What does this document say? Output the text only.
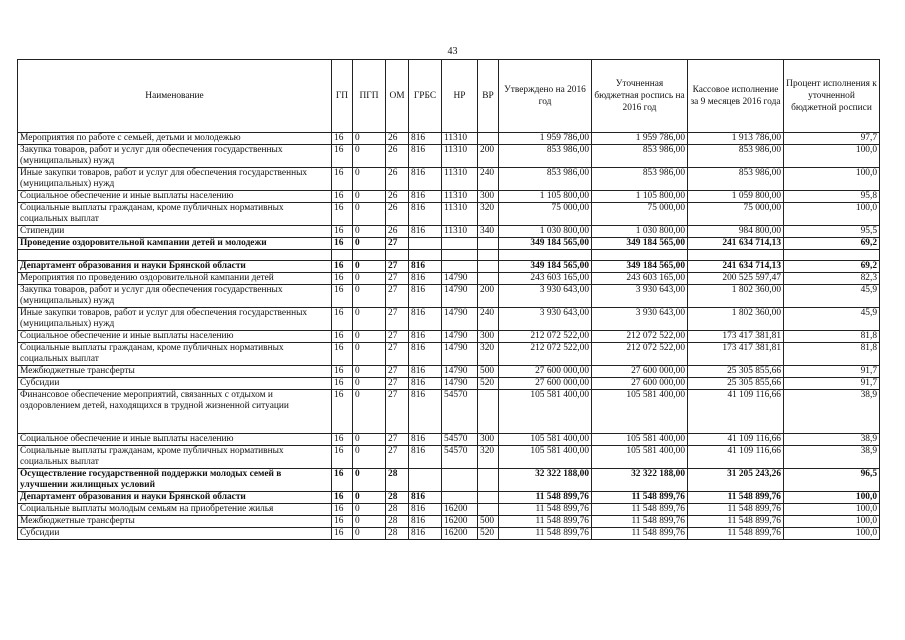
43
Наименование	ГП	ПГП	ОМ	ГРБС	НР	ВР	Утверждено на 2016 год	Уточненная бюджетная роспись на 2016 год	Кассовое исполнение за 9 месяцев 2016 года	Процент исполнения к уточненной бюджетной росписи
Мероприятия по работе с семьей, детьми и молодежью	16	0	26	816	11310		1 959 786,00	1 959 786,00	1 913 786,00	97,7
Закупка товаров, работ и услуг для обеспечения государственных (муниципальных) нужд	16	0	26	816	11310	200	853 986,00	853 986,00	853 986,00	100,0
Иные закупки товаров, работ и услуг для обеспечения государственных (муниципальных) нужд	16	0	26	816	11310	240	853 986,00	853 986,00	853 986,00	100,0
Социальное обеспечение и иные выплаты населению	16	0	26	816	11310	300	1 105 800,00	1 105 800,00	1 059 800,00	95,8
Социальные выплаты гражданам, кроме публичных нормативных социальных выплат	16	0	26	816	11310	320	75 000,00	75 000,00	75 000,00	100,0
Стипендии	16	0	26	816	11310	340	1 030 800,00	1 030 800,00	984 800,00	95,5
Проведение оздоровительной кампании детей и молодежи	16	0	27				349 184 565,00	349 184 565,00	241 634 714,13	69,2

Департамент образования и науки Брянской области	16	0	27	816			349 184 565,00	349 184 565,00	241 634 714,13	69,2
Мероприятия по проведению оздоровительной кампании детей	16	0	27	816	14790		243 603 165,00	243 603 165,00	200 525 597,47	82,3
Закупка товаров, работ и услуг для обеспечения государственных (муниципальных) нужд	16	0	27	816	14790	200	3 930 643,00	3 930 643,00	1 802 360,00	45,9
Иные закупки товаров, работ и услуг для обеспечения государственных (муниципальных) нужд	16	0	27	816	14790	240	3 930 643,00	3 930 643,00	1 802 360,00	45,9
Социальное обеспечение и иные выплаты населению	16	0	27	816	14790	300	212 072 522,00	212 072 522,00	173 417 381,81	81,8
Социальные выплаты гражданам, кроме публичных нормативных социальных выплат	16	0	27	816	14790	320	212 072 522,00	212 072 522,00	173 417 381,81	81,8
Межбюджетные трансферты	16	0	27	816	14790	500	27 600 000,00	27 600 000,00	25 305 855,66	91,7
Субсидии	16	0	27	816	14790	520	27 600 000,00	27 600 000,00	25 305 855,66	91,7
Финансовое обеспечение мероприятий, связанных с отдыхом и оздоровлением детей, находящихся в трудной жизненной ситуации	16	0	27	816	54570		105 581 400,00	105 581 400,00	41 109 116,66	38,9
Социальное обеспечение и иные выплаты населению	16	0	27	816	54570	300	105 581 400,00	105 581 400,00	41 109 116,66	38,9
Социальные выплаты гражданам, кроме публичных нормативных социальных выплат	16	0	27	816	54570	320	105 581 400,00	105 581 400,00	41 109 116,66	38,9
Осуществление государственной поддержки молодых семей в улучшении жилищных условий	16	0	28				32 322 188,00	32 322 188,00	31 205 243,26	96,5
Департамент образования и науки Брянской области	16	0	28	816			11 548 899,76	11 548 899,76	11 548 899,76	100,0
Социальные выплаты молодым семьям на приобретение жилья	16	0	28	816	16200		11 548 899,76	11 548 899,76	11 548 899,76	100,0
Межбюджетные трансферты	16	0	28	816	16200	500	11 548 899,76	11 548 899,76	11 548 899,76	100,0
Субсидии	16	0	28	816	16200	520	11 548 899,76	11 548 899,76	11 548 899,76	100,0
